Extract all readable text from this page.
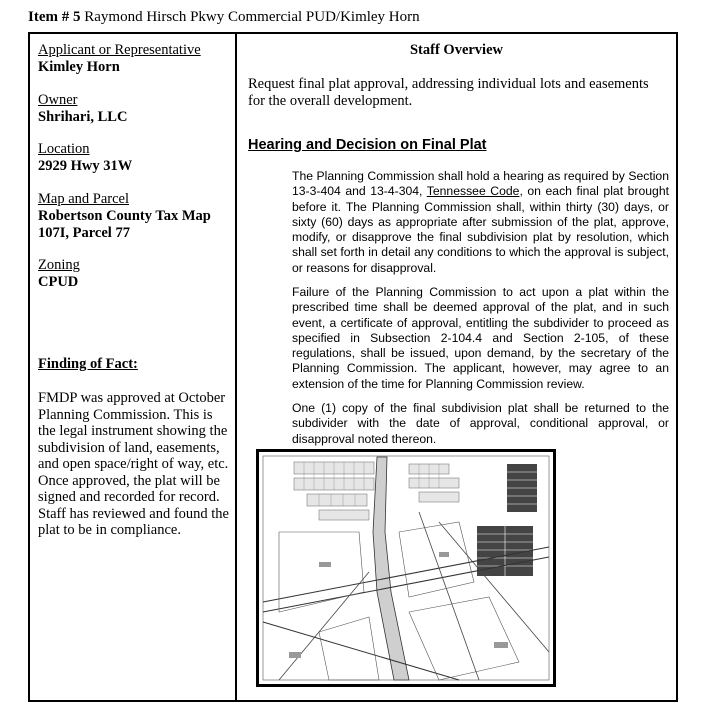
Item # 5 Raymond Hirsch Pkwy Commercial PUD/Kimley Horn
Applicant or Representative
Kimley Horn
Owner
Shrihari, LLC
Location
2929 Hwy 31W
Map and Parcel
Robertson County Tax Map
107I, Parcel 77
Zoning
CPUD
Finding of Fact:
FMDP was approved at October Planning Commission. This is the legal instrument showing the subdivision of land, easements, and open space/right of way, etc. Once approved, the plat will be signed and recorded for record. Staff has reviewed and found the plat to be in compliance.
Staff Overview
Request final plat approval, addressing individual lots and easements for the overall development.
Hearing and Decision on Final Plat
The Planning Commission shall hold a hearing as required by Section 13-3-404 and 13-4-304, Tennessee Code, on each final plat brought before it. The Planning Commission shall, within thirty (30) days, or sixty (60) days as appropriate after submission of the plat, approve, modify, or disapprove the final subdivision plat by resolution, which shall set forth in detail any conditions to which the approval is subject, or reasons for disapproval.
Failure of the Planning Commission to act upon a plat within the prescribed time shall be deemed approval of the plat, and in such event, a certificate of approval, entitling the subdivider to proceed as specified in Subsection 2-104.4 and Section 2-105, of these regulations, shall be issued, upon demand, by the secretary of the Planning Commission. The applicant, however, may agree to an extension of the time for Planning Commission review.
One (1) copy of the final subdivision plat shall be returned to the subdivider with the date of approval, conditional approval, or disapproval noted thereon.
